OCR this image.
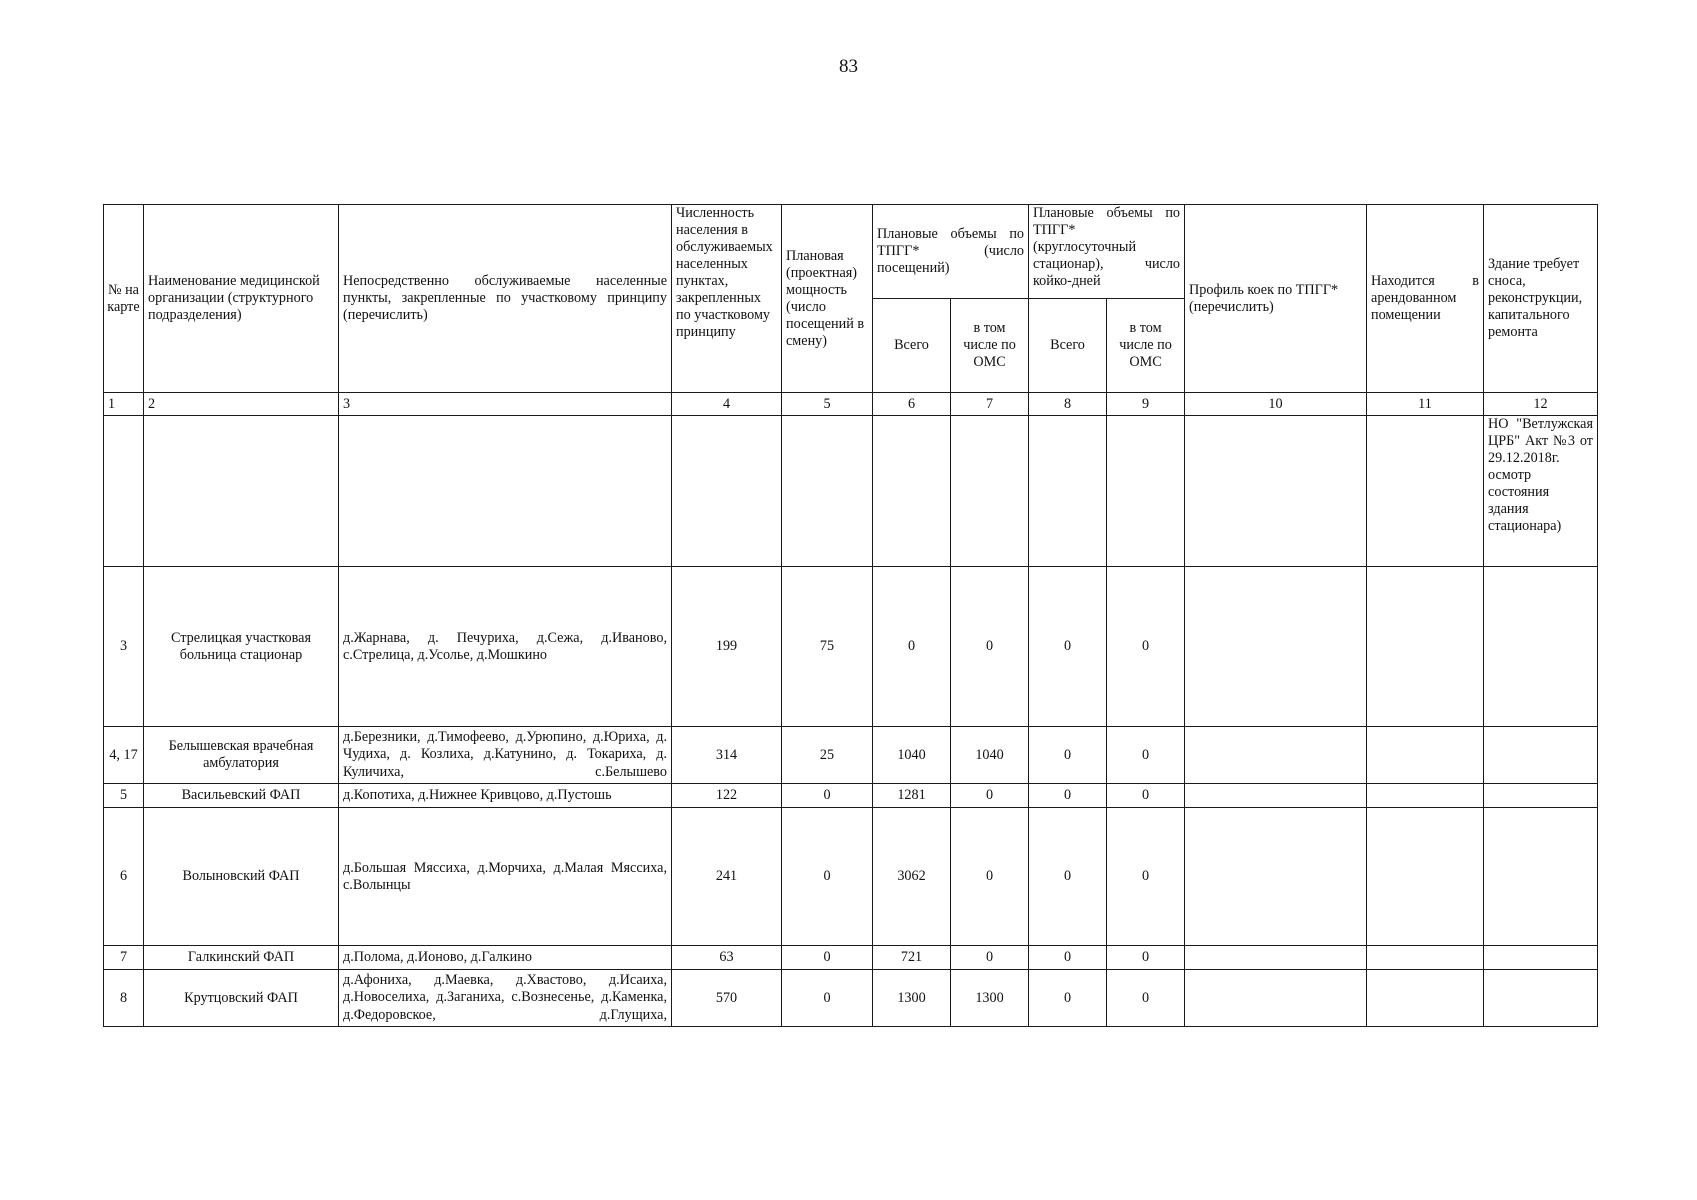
83
№ на карте	Наименование медицинской организации (структурного подразделения)	Непосредственно обслуживаемые населенные пункты, закрепленные по участковому принципу (перечислить)	Численность населения в обслуживаемых населенных пунктах, закрепленных по участковому принципу	Плановая (проектная) мощность (число посещений в смену)	Плановые объемы по ТПГГ* (число посещений)		Плановые объемы по ТПГГ* (круглосуточный стационар), число койко-дней		Профиль коек по ТПГГ* (перечислить)	Находится в арендованном помещении	Здание требует сноса, реконструкции, капитального ремонта
					Всего	в том числе по ОМС	Всего	в том числе по ОМС			
1	2	3	4	5	6	7	8	9	10	11	12
											НО "Ветлужская ЦРБ" Акт №3 от 29.12.2018г. осмотр состояния здания стационара)
3	Стрелицкая участковая больница стационар	д.Жарнава, д. Печуриха, д.Сежа, д.Иваново, с.Стрелица, д.Усолье, д.Мошкино	199	75	0	0	0	0			
4, 17	Белышевская врачебная амбулатория	д.Березники, д.Тимофеево, д.Урюпино, д.Юриха, д. Чудиха, д. Козлиха, д.Катунино, д. Токариха, д. Куличиха, с.Белышево	314	25	1040	1040	0	0			
5	Васильевский ФАП	д.Копотиха, д.Нижнее Кривцово, д.Пустошь	122	0	1281	0	0	0			
6	Волыновский ФАП	д.Большая Мяссиха, д.Морчиха, д.Малая Мяссиха, с.Волынцы	241	0	3062	0	0	0			
7	Галкинский ФАП	д.Полома, д.Ионово, д.Галкино	63	0	721	0	0	0			
8	Крутцовский ФАП	д.Афониха, д.Маевка, д.Хвастово, д.Исаиха, д.Новоселиха, д.Заганиха, с.Вознесенье, д.Каменка, д.Федоровское, д.Глущиха,	570	0	1300	1300	0	0			
